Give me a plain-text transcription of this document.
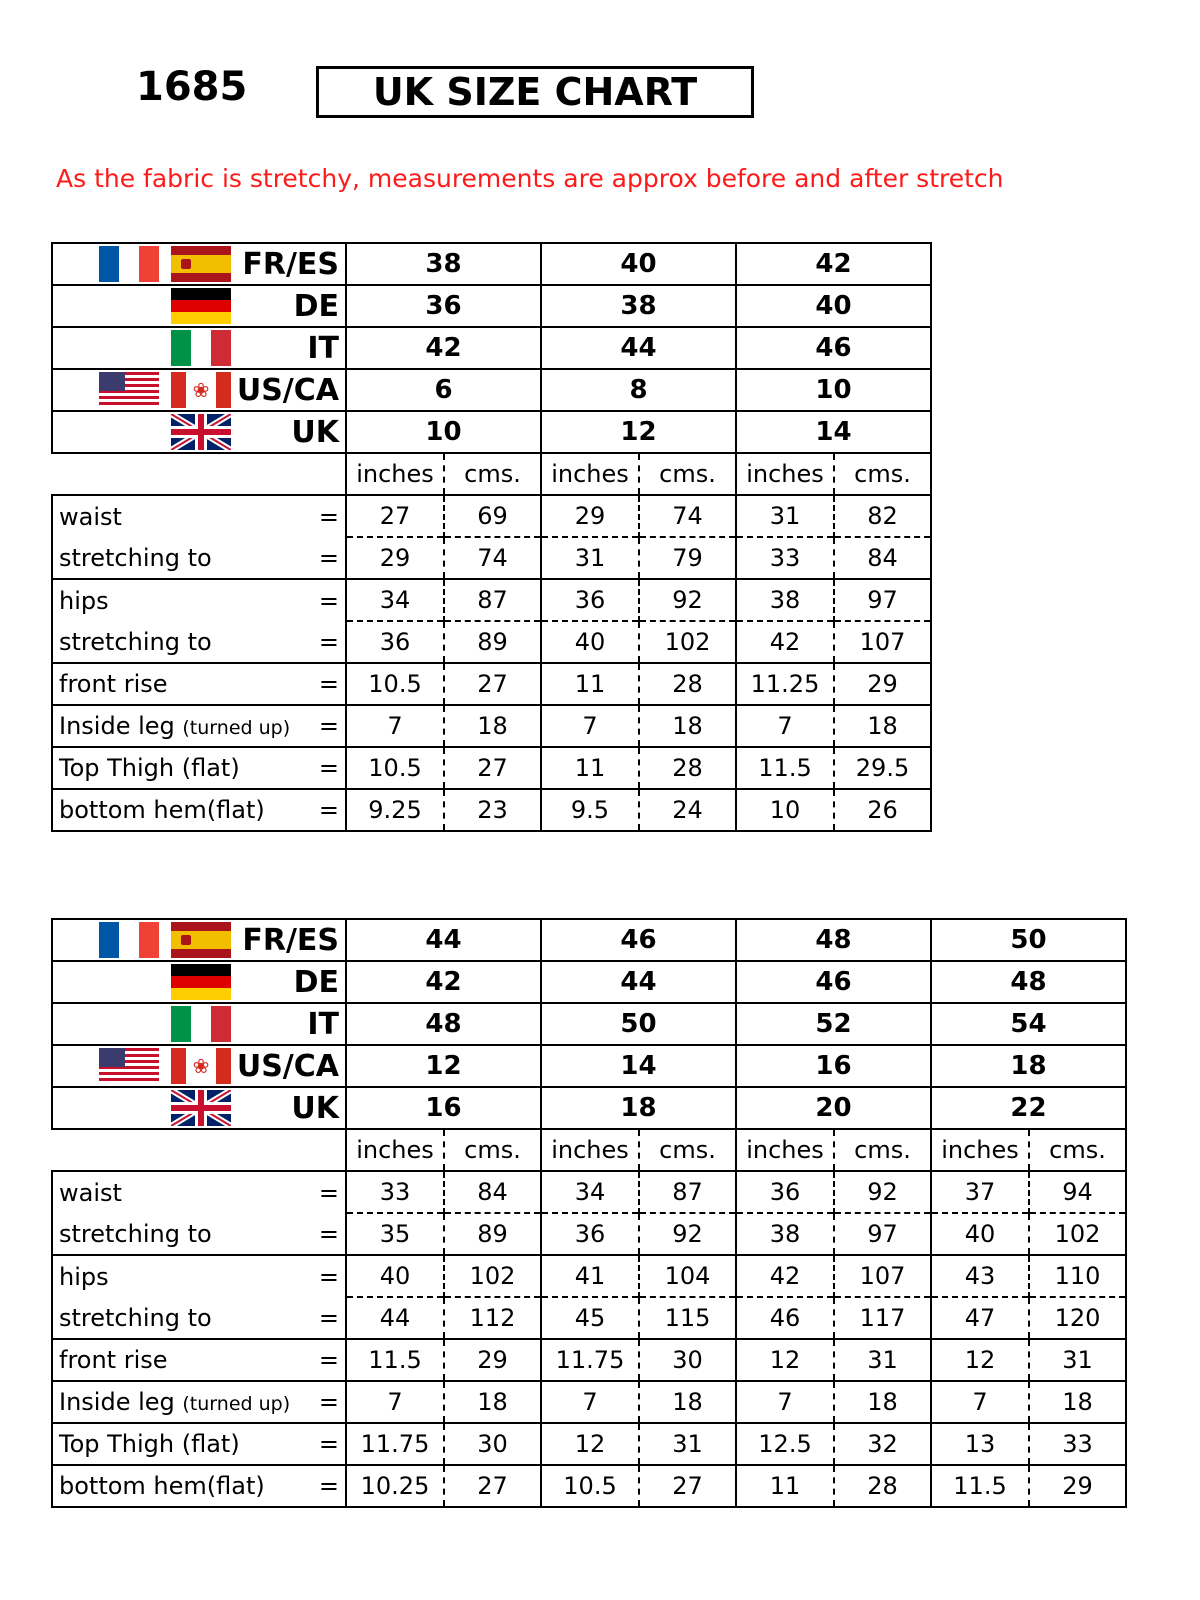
1685	UK SIZE CHART
As the fabric is stretchy, measurements are approx before and after stretch
FR/ES	38		40		42	

DE	36		38		40	

IT	42		44		46	

❀ US/CA	6		8		10	

UK	10		12		14	
	inches	cms.	inches	cms.	inches	cms.
waist =	27	69	29	74	31	82
stretching to =	29	74	31	79	33	84
hips =	34	87	36	92	38	97
stretching to =	36	89	40	102	42	107
front rise =	10.5	27	11	28	11.25	29
Inside leg (turned up) =	7	18	7	18	7	18
Top Thigh (flat) =	10.5	27	11	28	11.5	29.5
bottom hem(flat) =	9.25	23	9.5	24	10	26
FR/ES	44		46		48		50	

DE	42		44		46		48	

IT	48		50		52		54	

❀ US/CA	12		14		16		18	

UK	16		18		20		22	
	inches	cms.	inches	cms.	inches	cms.	inches	cms.
waist =	33	84	34	87	36	92	37	94
stretching to =	35	89	36	92	38	97	40	102
hips =	40	102	41	104	42	107	43	110
stretching to =	44	112	45	115	46	117	47	120
front rise =	11.5	29	11.75	30	12	31	12	31
Inside leg (turned up) =	7	18	7	18	7	18	7	18
Top Thigh (flat) =	11.75	30	12	31	12.5	32	13	33
bottom hem(flat) =	10.25	27	10.5	27	11	28	11.5	29
